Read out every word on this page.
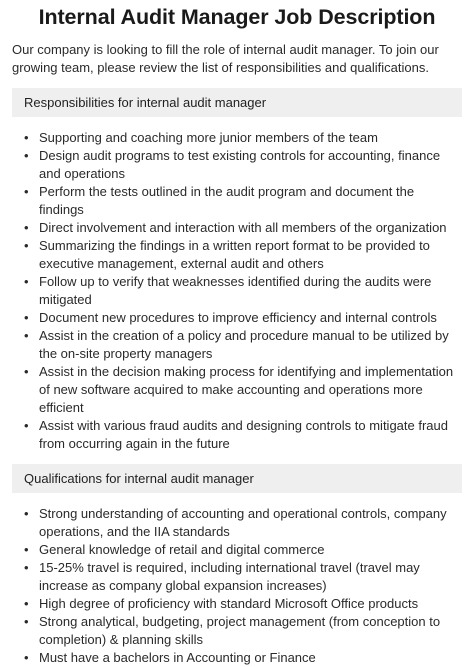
Internal Audit Manager Job Description

Our company is looking to fill the role of internal audit manager. To join our growing team, please review the list of responsibilities and qualifications.

Responsibilities for internal audit manager
• Supporting and coaching more junior members of the team
• Design audit programs to test existing controls for accounting, finance and operations
• Perform the tests outlined in the audit program and document the findings
• Direct involvement and interaction with all members of the organization
• Summarizing the findings in a written report format to be provided to executive management, external audit and others
• Follow up to verify that weaknesses identified during the audits were mitigated
• Document new procedures to improve efficiency and internal controls
• Assist in the creation of a policy and procedure manual to be utilized by the on-site property managers
• Assist in the decision making process for identifying and implementation of new software acquired to make accounting and operations more efficient
• Assist with various fraud audits and designing controls to mitigate fraud from occurring again in the future
Qualifications for internal audit manager
• Strong understanding of accounting and operational controls, company operations, and the IIA standards
• General knowledge of retail and digital commerce
• 15-25% travel is required, including international travel (travel may increase as company global expansion increases)
• High degree of proficiency with standard Microsoft Office products
• Strong analytical, budgeting, project management (from conception to completion) & planning skills
• Must have a bachelors in Accounting or Finance
